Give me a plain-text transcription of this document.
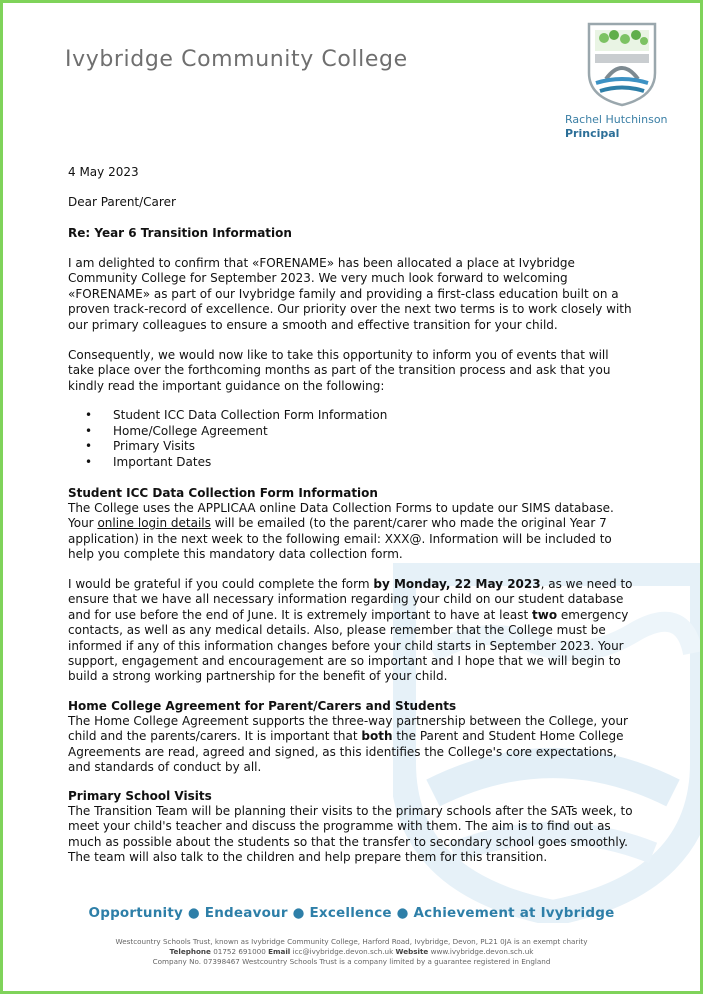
Ivybridge Community College
Rachel Hutchinson
Principal
4 May 2023
Dear Parent/Carer
Re: Year 6 Transition Information

I am delighted to confirm that «FORENAME» has been allocated a place at Ivybridge Community College for September 2023. We very much look forward to welcoming «FORENAME» as part of our Ivybridge family and providing a first-class education built on a proven track-record of excellence. Our priority over the next two terms is to work closely with our primary colleagues to ensure a smooth and effective transition for your child.

Consequently, we would now like to take this opportunity to inform you of events that will take place over the forthcoming months as part of the transition process and ask that you kindly read the important guidance on the following:

• Student ICC Data Collection Form Information
• Home/College Agreement
• Primary Visits
• Important Dates
Student ICC Data Collection Form Information

The College uses the APPLICAA online Data Collection Forms to update our SIMS database. Your online login details will be emailed (to the parent/carer who made the original Year 7 application) in the next week to the following email: XXX@. Information will be included to help you complete this mandatory data collection form.

I would be grateful if you could complete the form by Monday, 22 May 2023, as we need to ensure that we have all necessary information regarding your child on our student database and for use before the end of June. It is extremely important to have at least two emergency contacts, as well as any medical details. Also, please remember that the College must be informed if any of this information changes before your child starts in September 2023. Your support, engagement and encouragement are so important and I hope that we will begin to build a strong working partnership for the benefit of your child.

Home College Agreement for Parent/Carers and Students

The Home College Agreement supports the three-way partnership between the College, your child and the parents/carers. It is important that both the Parent and Student Home College Agreements are read, agreed and signed, as this identifies the College's core expectations, and standards of conduct by all.

Primary School Visits

The Transition Team will be planning their visits to the primary schools after the SATs week, to meet your child's teacher and discuss the programme with them. The aim is to find out as much as possible about the students so that the transfer to secondary school goes smoothly. The team will also talk to the children and help prepare them for this transition.

Opportunity ● Endeavour ● Excellence ● Achievement at Ivybridge
Westcountry Schools Trust, known as Ivybridge Community College, Harford Road, Ivybridge, Devon, PL21 0JA is an exempt charity
Telephone 01752 691000 Email icc@ivybridge.devon.sch.uk Website www.ivybridge.devon.sch.uk
Company No. 07398467 Westcountry Schools Trust is a company limited by a guarantee registered in England
